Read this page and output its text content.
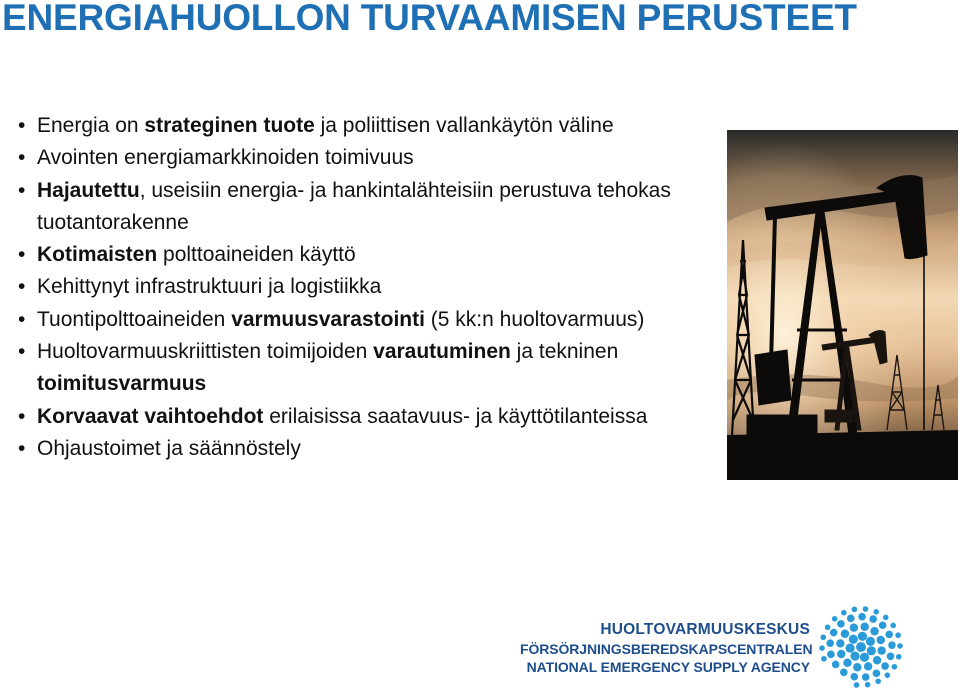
ENERGIAHUOLLON TURVAAMISEN PERUSTEET
• Energia on strateginen tuote ja poliittisen vallankäytön väline
• Avointen energiamarkkinoiden toimivuus
• Hajautettu, useisiin energia- ja hankintalähteisiin perustuva tehokas tuotantorakenne
• Kotimaisten polttoaineiden käyttö
• Kehittynyt infrastruktuuri ja logistiikka
• Tuontipolttoaineiden varmuusvarastointi (5 kk:n huoltovarmuus)
• Huoltovarmuuskriittisten toimijoiden varautuminen ja tekninen toimitusvarmuus
• Korvaavat vaihtoehdot erilaisissa saatavuus- ja käyttötilanteissa
• Ohjaustoimet ja säännöstely
HUOLTOVARMUUSKESKUS
FÖRSÖRJNINGSBEREDSKAPSCENTRALEN
NATIONAL EMERGENCY SUPPLY AGENCY
